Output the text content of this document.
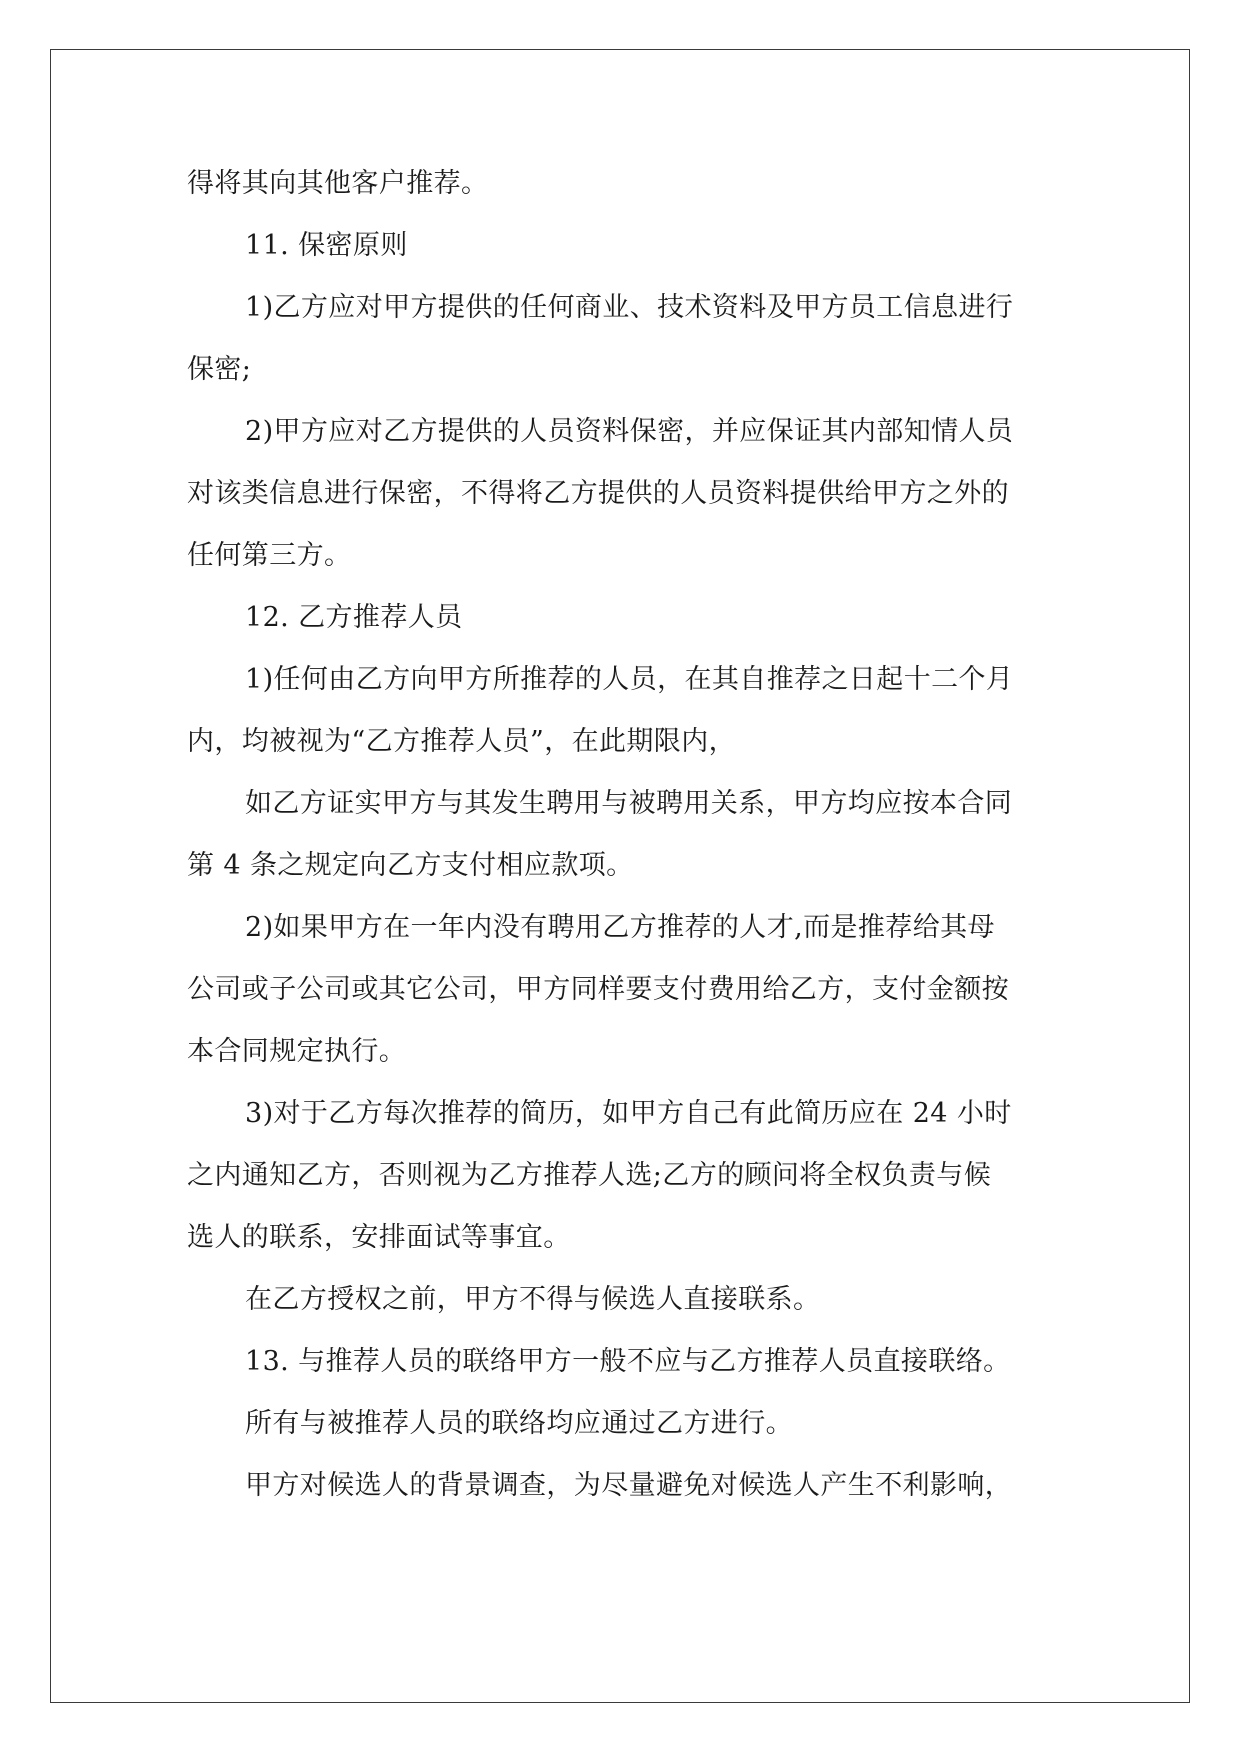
得将其向其他客户推荐。
11. 保密原则
1)乙方应对甲方提供的任何商业、技术资料及甲方员工信息进行
保密;
2)甲方应对乙方提供的人员资料保密，并应保证其内部知情人员
对该类信息进行保密，不得将乙方提供的人员资料提供给甲方之外的
任何第三方。
12. 乙方推荐人员
1)任何由乙方向甲方所推荐的人员，在其自推荐之日起十二个月
内，均被视为“乙方推荐人员”，在此期限内，
如乙方证实甲方与其发生聘用与被聘用关系，甲方均应按本合同
第 4 条之规定向乙方支付相应款项。
2)如果甲方在一年内没有聘用乙方推荐的人才,而是推荐给其母
公司或子公司或其它公司，甲方同样要支付费用给乙方，支付金额按
本合同规定执行。
3)对于乙方每次推荐的简历，如甲方自己有此简历应在 24 小时
之内通知乙方，否则视为乙方推荐人选;乙方的顾问将全权负责与候
选人的联系，安排面试等事宜。
在乙方授权之前，甲方不得与候选人直接联系。
13. 与推荐人员的联络甲方一般不应与乙方推荐人员直接联络。
所有与被推荐人员的联络均应通过乙方进行。
甲方对候选人的背景调查，为尽量避免对候选人产生不利影响，
